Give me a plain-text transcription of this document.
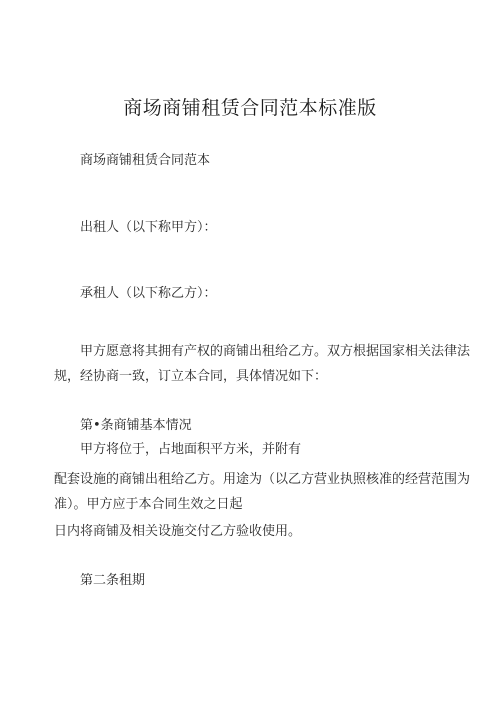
商场商铺租赁合同范本标准版
商场商铺租赁合同范本
出租人（以下称甲方）：
承租人（以下称乙方）：
甲方愿意将其拥有产权的商铺出租给乙方。双方根据国家相关法律法
规，经协商一致，订立本合同，具体情况如下：
第•条商铺基本情况
甲方将位于，占地面积平方米，并附有
配套设施的商铺出租给乙方。用途为（以乙方营业执照核准的经营范围为
准）。甲方应于本合同生效之日起
日内将商铺及相关设施交付乙方验收使用。
第二条租期
